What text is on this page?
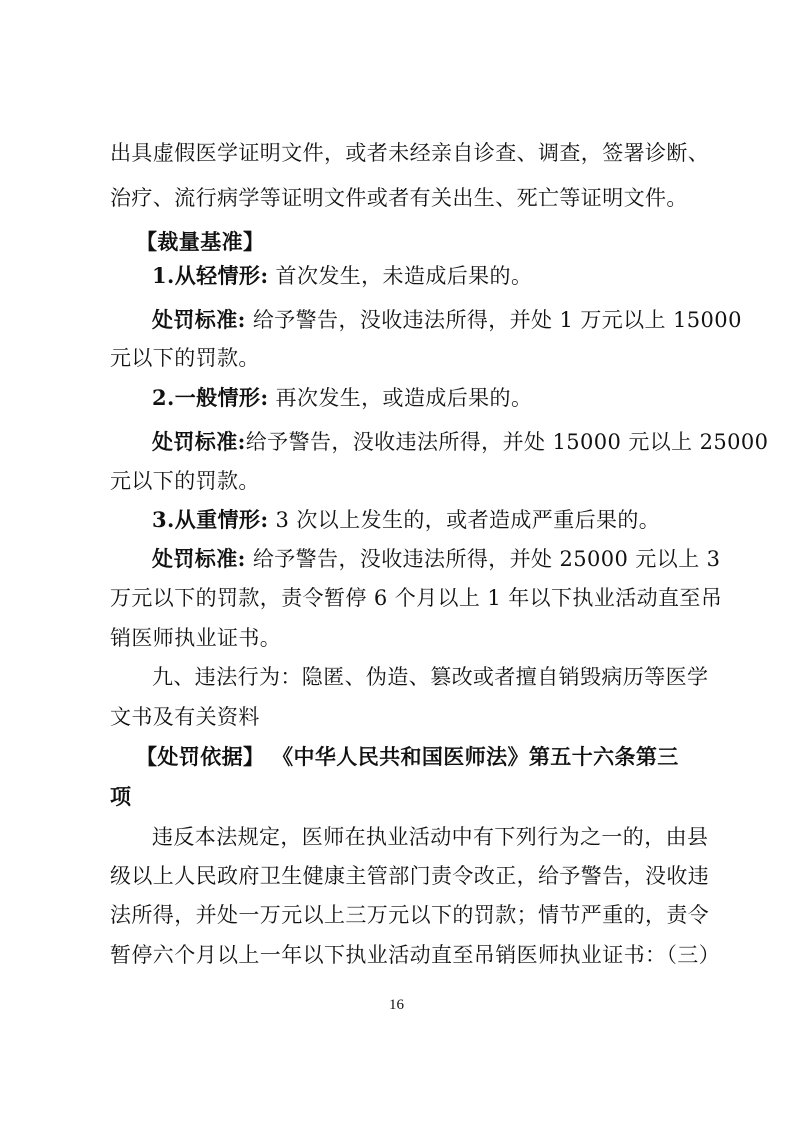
出具虚假医学证明文件，或者未经亲自诊查、调查，签署诊断、
治疗、流行病学等证明文件或者有关出生、死亡等证明文件。
【裁量基准】
1.从轻情形: 首次发生，未造成后果的。
处罚标准: 给予警告，没收违法所得，并处 1 万元以上 15000
元以下的罚款。
2.一般情形: 再次发生，或造成后果的。
处罚标准:给予警告，没收违法所得，并处 15000 元以上 25000
元以下的罚款。
3.从重情形: 3 次以上发生的，或者造成严重后果的。
处罚标准: 给予警告，没收违法所得，并处 25000 元以上 3
万元以下的罚款，责令暂停 6 个月以上 1 年以下执业活动直至吊
销医师执业证书。
九、违法行为：隐匿、伪造、篡改或者擅自销毁病历等医学
文书及有关资料
【处罚依据】 《中华人民共和国医师法》第五十六条第三
项
违反本法规定，医师在执业活动中有下列行为之一的，由县
级以上人民政府卫生健康主管部门责令改正，给予警告，没收违
法所得，并处一万元以上三万元以下的罚款；情节严重的，责令
暂停六个月以上一年以下执业活动直至吊销医师执业证书：（三）
16
